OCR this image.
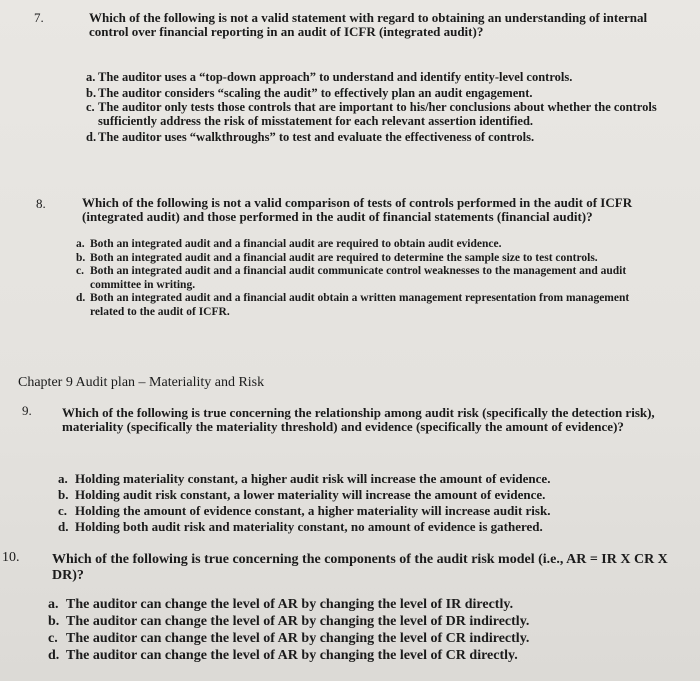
7.	Which of the following is not a valid statement with regard to obtaining an understanding of internal control over financial reporting in an audit of ICFR (integrated audit)?
a. The auditor uses a “top-down approach” to understand and identify entity-level controls.
b. The auditor considers “scaling the audit” to effectively plan an audit engagement.
c. The auditor only tests those controls that are important to his/her conclusions about whether the controls sufficiently address the risk of misstatement for each relevant assertion identified.
d. The auditor uses “walkthroughs” to test and evaluate the effectiveness of controls.
8.	Which of the following is not a valid comparison of tests of controls performed in the audit of ICFR (integrated audit) and those performed in the audit of financial statements (financial audit)?
a. Both an integrated audit and a financial audit are required to obtain audit evidence.
b. Both an integrated audit and a financial audit are required to determine the sample size to test controls.
c. Both an integrated audit and a financial audit communicate control weaknesses to the management and audit committee in writing.
d. Both an integrated audit and a financial audit obtain a written management representation from management related to the audit of ICFR.
Chapter 9 Audit plan – Materiality and Risk
9. Which of the following is true concerning the relationship among audit risk (specifically the detection risk), materiality (specifically the materiality threshold) and evidence (specifically the amount of evidence)?
a. Holding materiality constant, a higher audit risk will increase the amount of evidence.
b. Holding audit risk constant, a lower materiality will increase the amount of evidence.
c. Holding the amount of evidence constant, a higher materiality will increase audit risk.
d. Holding both audit risk and materiality constant, no amount of evidence is gathered.
10. Which of the following is true concerning the components of the audit risk model (i.e., AR = IR X CR X DR)?
a. The auditor can change the level of AR by changing the level of IR directly.
b. The auditor can change the level of AR by changing the level of DR indirectly.
c. The auditor can change the level of AR by changing the level of CR indirectly.
d. The auditor can change the level of AR by changing the level of CR directly.
